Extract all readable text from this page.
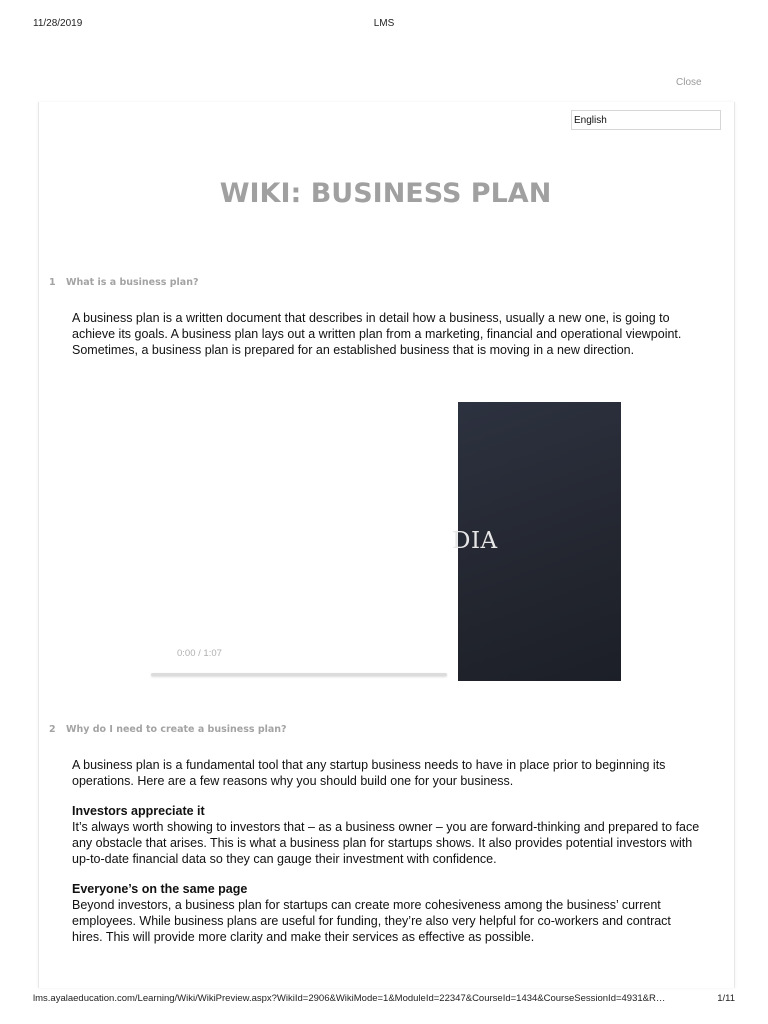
11/28/2019	LMS
Close
English
WIKI: BUSINESS PLAN
1 What is a business plan?

A business plan is a written document that describes in detail how a business, usually a new one, is going to achieve its goals. A business plan lays out a written plan from a marketing, financial and operational viewpoint. Sometimes, a business plan is prepared for an established business that is moving in a new direction.

DIA
0:00 / 1:07
2 Why do I need to create a business plan?

A business plan is a fundamental tool that any startup business needs to have in place prior to beginning its operations. Here are a few reasons why you should build one for your business.

Investors appreciate it

It’s always worth showing to investors that – as a business owner – you are forward-thinking and prepared to face any obstacle that arises. This is what a business plan for startups shows. It also provides potential investors with up-to-date financial data so they can gauge their investment with confidence.

Everyone’s on the same page

Beyond investors, a business plan for startups can create more cohesiveness among the business’ current employees. While business plans are useful for funding, they’re also very helpful for co-workers and contract hires. This will provide more clarity and make their services as effective as possible.

lms.ayalaeducation.com/Learning/Wiki/WikiPreview.aspx?WikiId=2906&WikiMode=1&ModuleId=22347&CourseId=1434&CourseSessionId=4931&R…	1/11
